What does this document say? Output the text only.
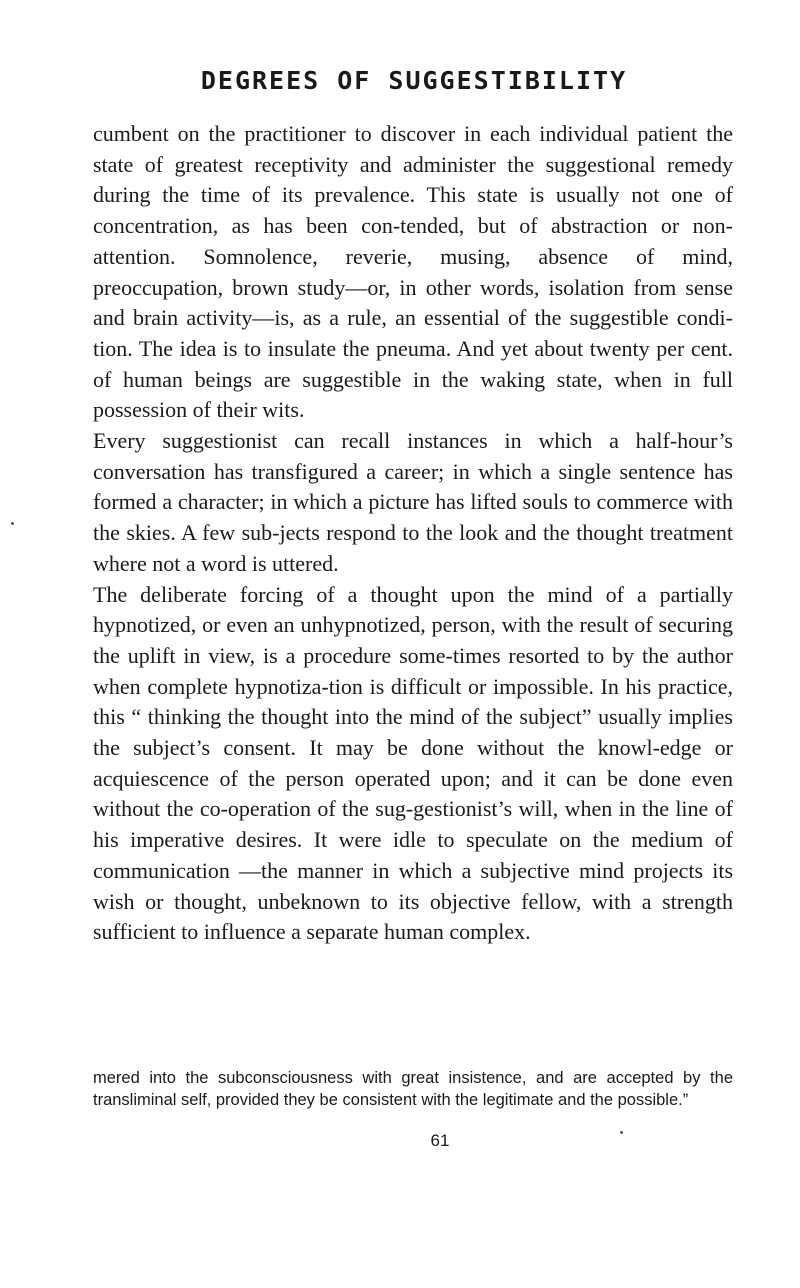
DEGREES OF SUGGESTIBILITY

cumbent on the practitioner to discover in each individual patient the state of greatest receptivity and administer the suggestional remedy during the time of its prevalence. This state is usually not one of concentration, as has been con-tended, but of abstraction or non-attention. Somnolence, reverie, musing, absence of mind, preoccupation, brown study—or, in other words, isolation from sense and brain activity—is, as a rule, an essential of the suggestible condi-tion. The idea is to insulate the pneuma. And yet about twenty per cent. of human beings are suggestible in the waking state, when in full possession of their wits.

Every suggestionist can recall instances in which a half-hour’s conversation has transfigured a career; in which a single sentence has formed a character; in which a picture has lifted souls to commerce with the skies. A few sub-jects respond to the look and the thought treatment where not a word is uttered.

The deliberate forcing of a thought upon the mind of a partially hypnotized, or even an unhypnotized, person, with the result of securing the uplift in view, is a procedure some-times resorted to by the author when complete hypnotiza-tion is difficult or impossible. In his practice, this “ thinking the thought into the mind of the subject” usually implies the subject’s consent. It may be done without the knowl-edge or acquiescence of the person operated upon; and it can be done even without the co-operation of the sug-gestionist’s will, when in the line of his imperative desires. It were idle to speculate on the medium of communication —the manner in which a subjective mind projects its wish or thought, unbeknown to its objective fellow, with a strength sufficient to influence a separate human complex.

mered into the subconsciousness with great insistence, and are accepted by the transliminal self, provided they be consistent with the legitimate and the possible.”
61
